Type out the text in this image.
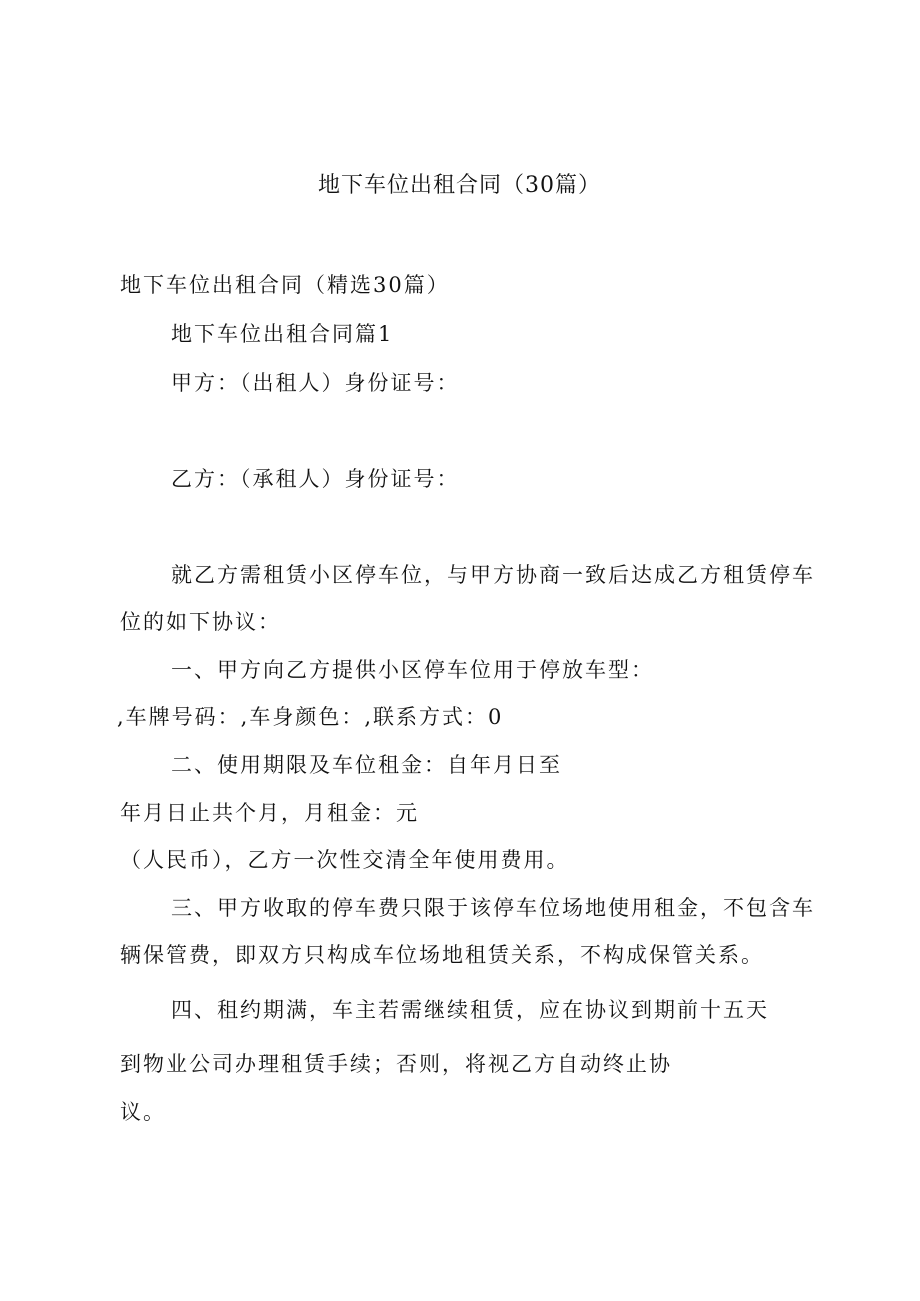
地下车位出租合同（30篇）
地下车位出租合同（精选30篇）
地下车位出租合同篇1
甲方：（出租人）身份证号：
乙方：（承租人）身份证号：
就乙方需租赁小区停车位，与甲方协商一致后达成乙方租赁停车
位的如下协议：
一、甲方向乙方提供小区停车位用于停放车型：
,车牌号码：,车身颜色：,联系方式：0
二、使用期限及车位租金：自年月日至
年月日止共个月，月租金：元
（人民币），乙方一次性交清全年使用费用。
三、甲方收取的停车费只限于该停车位场地使用租金，不包含车
辆保管费，即双方只构成车位场地租赁关系，不构成保管关系。
四、租约期满，车主若需继续租赁，应在协议到期前十五天
到物业公司办理租赁手续；否则，将视乙方自动终止协
议。
